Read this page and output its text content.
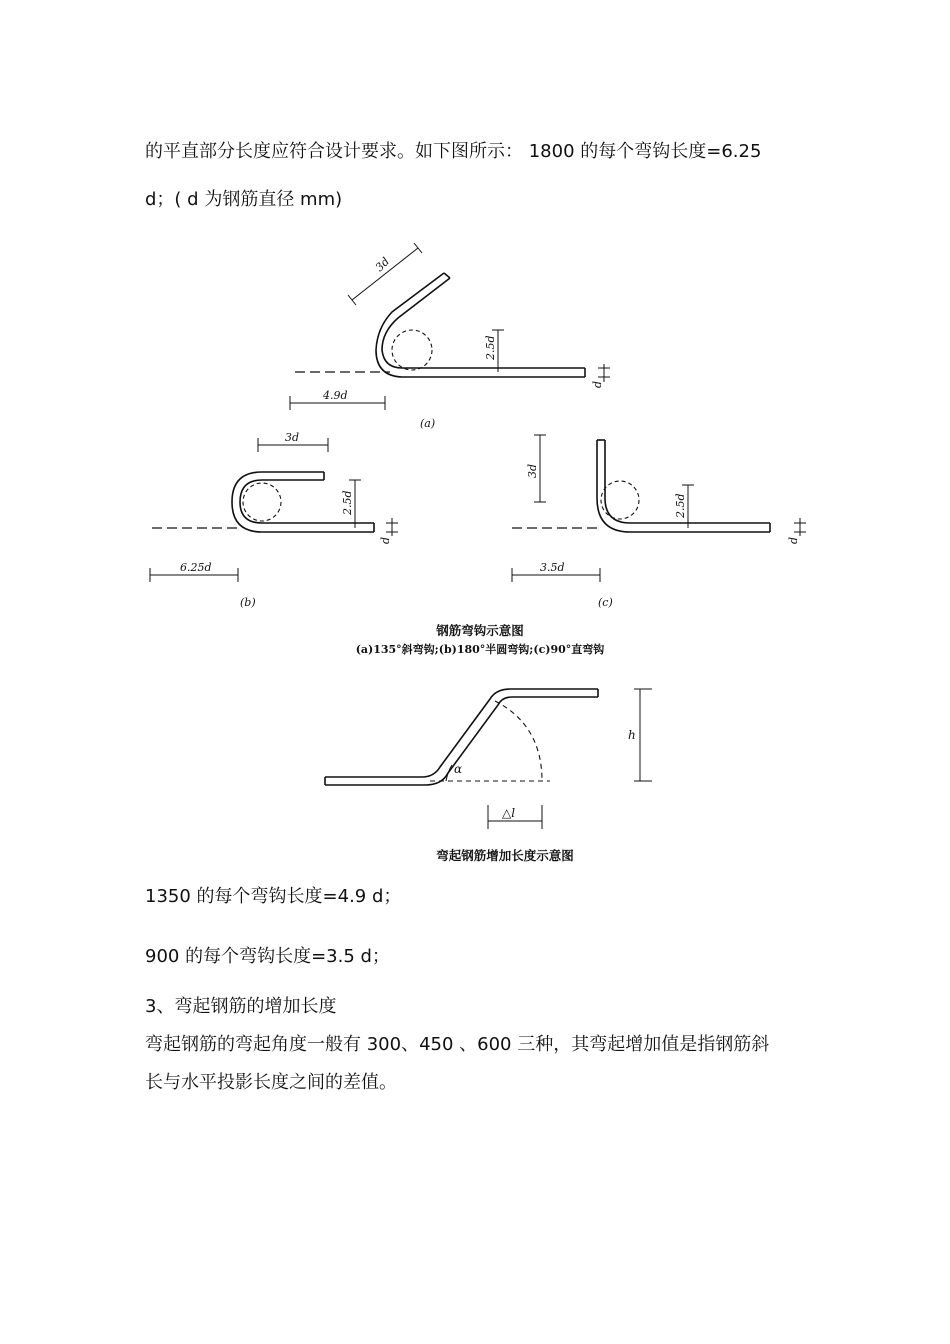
的平直部分长度应符合设计要求。如下图所示： 1800 的每个弯钩长度=6.25
d；( d 为钢筋直径 mm)
3d
2.5d
d
4.9d
(a)
3d
2.5d
d
6.25d
(b)
3d
2.5d
d
3.5d
(c)
钢筋弯钩示意图
(a)135°斜弯钩;(b)180°半圆弯钩;(c)90°直弯钩
α
h
△l
弯起钢筋增加长度示意图
1350 的每个弯钩长度=4.9 d；
900 的每个弯钩长度=3.5 d；
3、弯起钢筋的增加长度
弯起钢筋的弯起角度一般有 300、450 、600 三种，其弯起增加值是指钢筋斜
长与水平投影长度之间的差值。
